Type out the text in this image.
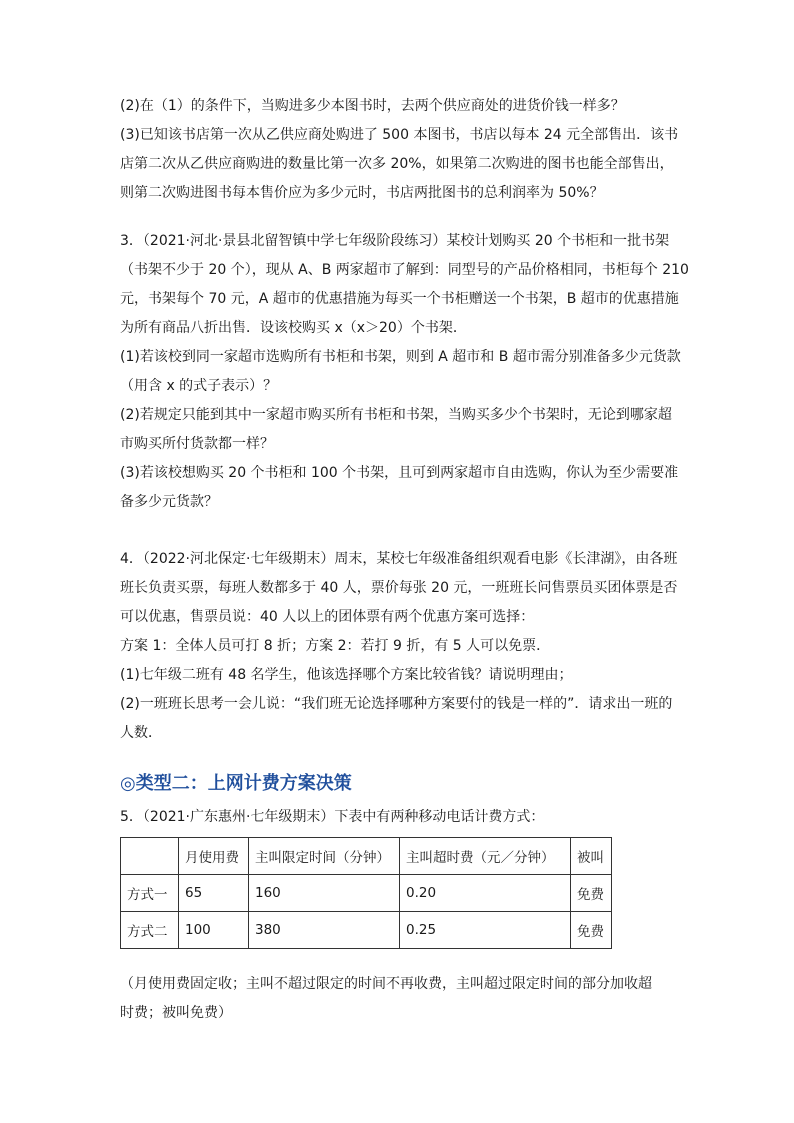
(2)在（1）的条件下，当购进多少本图书时，去两个供应商处的进货价钱一样多？

(3)已知该书店第一次从乙供应商处购进了 500 本图书，书店以每本 24 元全部售出．该书

店第二次从乙供应商购进的数量比第一次多 20%，如果第二次购进的图书也能全部售出，

则第二次购进图书每本售价应为多少元时，书店两批图书的总利润率为 50%？

3．（2021·河北·景县北留智镇中学七年级阶段练习）某校计划购买 20 个书柜和一批书架

（书架不少于 20 个），现从 A、B 两家超市了解到：同型号的产品价格相同，书柜每个 210

元，书架每个 70 元，A 超市的优惠措施为每买一个书柜赠送一个书架，B 超市的优惠措施

为所有商品八折出售．设该校购买 x（x＞20）个书架．

(1)若该校到同一家超市选购所有书柜和书架，则到 A 超市和 B 超市需分别准备多少元货款

（用含 x 的式子表示）？

(2)若规定只能到其中一家超市购买所有书柜和书架，当购买多少个书架时，无论到哪家超

市购买所付货款都一样？

(3)若该校想购买 20 个书柜和 100 个书架，且可到两家超市自由选购，你认为至少需要准

备多少元货款？

4．（2022·河北保定·七年级期末）周末，某校七年级准备组织观看电影《长津湖》，由各班

班长负责买票，每班人数都多于 40 人，票价每张 20 元，一班班长问售票员买团体票是否

可以优惠，售票员说：40 人以上的团体票有两个优惠方案可选择：

方案 1：全体人员可打 8 折；方案 2：若打 9 折，有 5 人可以免票．

(1)七年级二班有 48 名学生，他该选择哪个方案比较省钱？请说明理由；

(2)一班班长思考一会儿说：“我们班无论选择哪种方案要付的钱是一样的”．请求出一班的

人数．

◎类型二：上网计费方案决策

5．（2021·广东惠州·七年级期末）下表中有两种移动电话计费方式：

	月使用费	主叫限定时间（分钟）	主叫超时费（元／分钟）	被叫
方式一	65	160	0.20	免费
方式二	100	380	0.25	免费

（月使用费固定收；主叫不超过限定的时间不再收费，主叫超过限定时间的部分加收超

时费；被叫免费）
